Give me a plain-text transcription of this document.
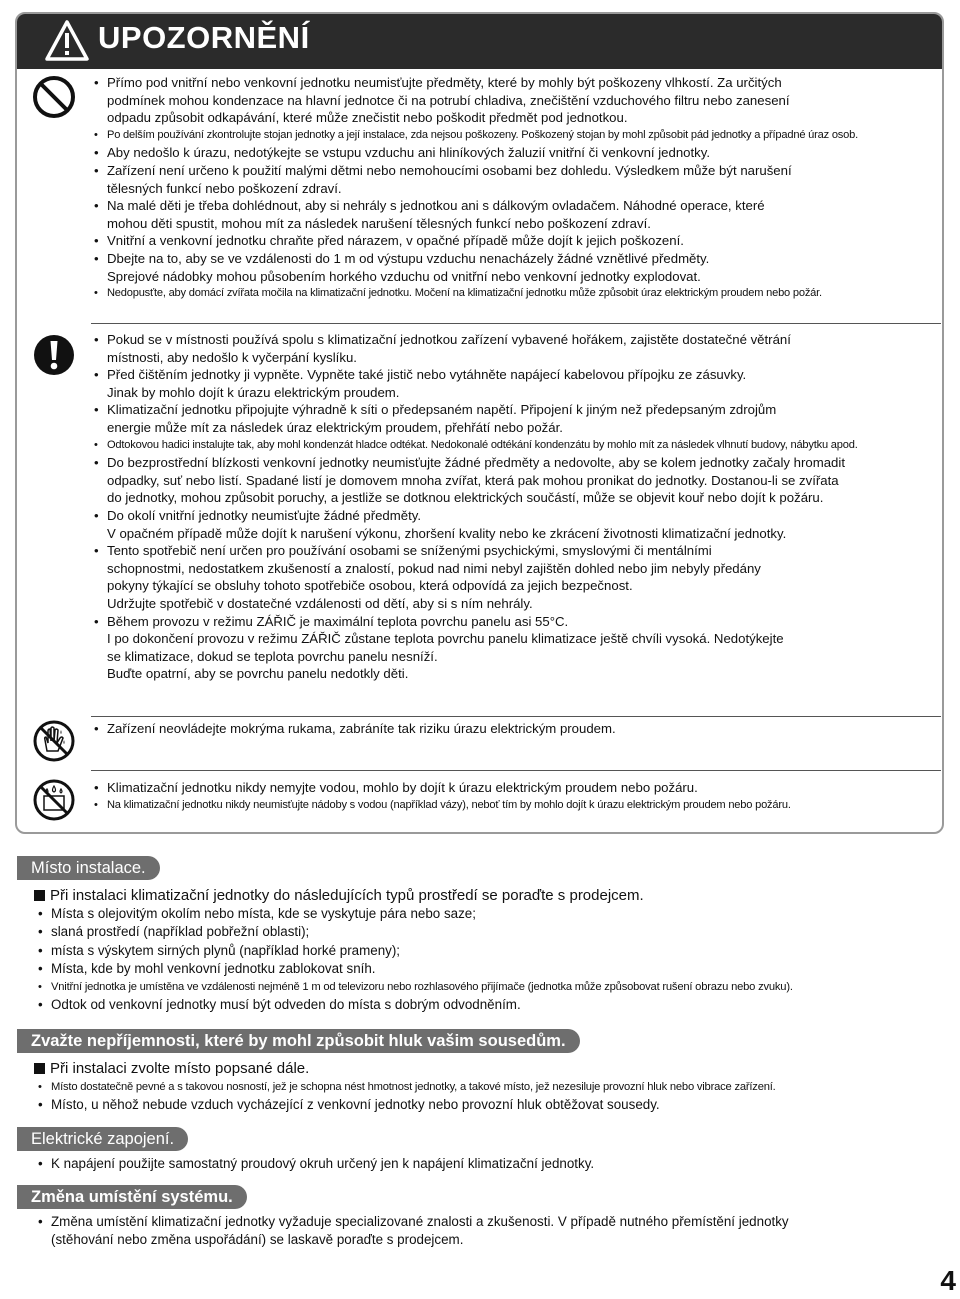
UPOZORNĚNÍ
• Přímo pod vnitřní nebo venkovní jednotku neumisťujte předměty, které by mohly být poškozeny vlhkostí. Za určitých
podmínek mohou kondenzace na hlavní jednotce či na potrubí chladiva, znečištění vzduchového filtru nebo zanesení
odpadu způsobit odkapávání, které může znečistit nebo poškodit předmět pod jednotkou.
• Po delším používání zkontrolujte stojan jednotky a její instalace, zda nejsou poškozeny. Poškozený stojan by mohl způsobit pád jednotky a případné úraz osob.
• Aby nedošlo k úrazu, nedotýkejte se vstupu vzduchu ani hliníkových žaluzií vnitřní či venkovní jednotky.
• Zařízení není určeno k použití malými dětmi nebo nemohoucími osobami bez dohledu. Výsledkem může být narušení
tělesných funkcí nebo poškození zdraví.
• Na malé děti je třeba dohlédnout, aby si nehrály s jednotkou ani s dálkovým ovladačem. Náhodné operace, které
mohou děti spustit, mohou mít za následek narušení tělesných funkcí nebo poškození zdraví.
• Vnitřní a venkovní jednotku chraňte před nárazem, v opačné případě může dojít k jejich poškození.
• Dbejte na to, aby se ve vzdálenosti do 1 m od výstupu vzduchu nenacházely žádné vznětlivé předměty.
Sprejové nádobky mohou působením horkého vzduchu od vnitřní nebo venkovní jednotky explodovat.
• Nedopusťte, aby domácí zvířata močila na klimatizační jednotku. Močení na klimatizační jednotku může způsobit úraz elektrickým proudem nebo požár.
• Pokud se v místnosti používá spolu s klimatizační jednotkou zařízení vybavené hořákem, zajistěte dostatečné větrání
místnosti, aby nedošlo k vyčerpání kyslíku.
• Před čištěním jednotky ji vypněte. Vypněte také jistič nebo vytáhněte napájecí kabelovou přípojku ze zásuvky.
Jinak by mohlo dojít k úrazu elektrickým proudem.
• Klimatizační jednotku připojujte výhradně k síti o předepsaném napětí. Připojení k jiným než předepsaným zdrojům
energie může mít za následek úraz elektrickým proudem, přehřátí nebo požár.
• Odtokovou hadici instalujte tak, aby mohl kondenzát hladce odtékat. Nedokonalé odtékání kondenzátu by mohlo mít za následek vlhnutí budovy, nábytku apod.
• Do bezprostřední blízkosti venkovní jednotky neumisťujte žádné předměty a nedovolte, aby se kolem jednotky začaly hromadit
odpadky, suť nebo listí. Spadané listí je domovem mnoha zvířat, která pak mohou pronikat do jednotky. Dostanou-li se zvířata
do jednotky, mohou způsobit poruchy, a jestliže se dotknou elektrických součástí, může se objevit kouř nebo dojít k požáru.
• Do okolí vnitřní jednotky neumisťujte žádné předměty.
V opačném případě může dojít k narušení výkonu, zhoršení kvality nebo ke zkrácení životnosti klimatizační jednotky.
• Tento spotřebič není určen pro používání osobami se sníženými psychickými, smyslovými či mentálními
schopnostmi, nedostatkem zkušeností a znalostí, pokud nad nimi nebyl zajištěn dohled nebo jim nebyly předány
pokyny týkající se obsluhy tohoto spotřebiče osobou, která odpovídá za jejich bezpečnost.
Udržujte spotřebič v dostatečné vzdálenosti od dětí, aby si s ním nehrály.
• Během provozu v režimu ZÁŘIČ je maximální teplota povrchu panelu asi 55°C.
I po dokončení provozu v režimu ZÁŘIČ zůstane teplota povrchu panelu klimatizace ještě chvíli vysoká. Nedotýkejte
se klimatizace, dokud se teplota povrchu panelu nesníží.
Buďte opatrní, aby se povrchu panelu nedotkly děti.
• Zařízení neovládejte mokrýma rukama, zabráníte tak riziku úrazu elektrickým proudem.
• Klimatizační jednotku nikdy nemyjte vodou, mohlo by dojít k úrazu elektrickým proudem nebo požáru.
• Na klimatizační jednotku nikdy neumisťujte nádoby s vodou (například vázy), neboť tím by mohlo dojít k úrazu elektrickým proudem nebo požáru.
Místo instalace.
Při instalaci klimatizační jednotky do následujících typů prostředí se poraďte s prodejcem.
• Místa s olejovitým okolím nebo místa, kde se vyskytuje pára nebo saze;
• slaná prostředí (například pobřežní oblasti);
• místa s výskytem sirných plynů (například horké prameny);
• Místa, kde by mohl venkovní jednotku zablokovat sníh.
• Vnitřní jednotka je umístěna ve vzdálenosti nejméně 1 m od televizoru nebo rozhlasového přijímače (jednotka může způsobovat rušení obrazu nebo zvuku).
• Odtok od venkovní jednotky musí být odveden do místa s dobrým odvodněním.
Zvažte nepříjemnosti, které by mohl způsobit hluk vašim sousedům.
Při instalaci zvolte místo popsané dále.
• Místo dostatečně pevné a s takovou nosností, jež je schopna nést hmotnost jednotky, a takové místo, jež nezesiluje provozní hluk nebo vibrace zařízení.
• Místo, u něhož nebude vzduch vycházející z venkovní jednotky nebo provozní hluk obtěžovat sousedy.
Elektrické zapojení.
• K napájení použijte samostatný proudový okruh určený jen k napájení klimatizační jednotky.
Změna umístění systému.
• Změna umístění klimatizační jednotky vyžaduje specializované znalosti a zkušenosti. V případě nutného přemístění jednotky
(stěhování nebo změna uspořádání) se laskavě poraďte s prodejcem.
4
